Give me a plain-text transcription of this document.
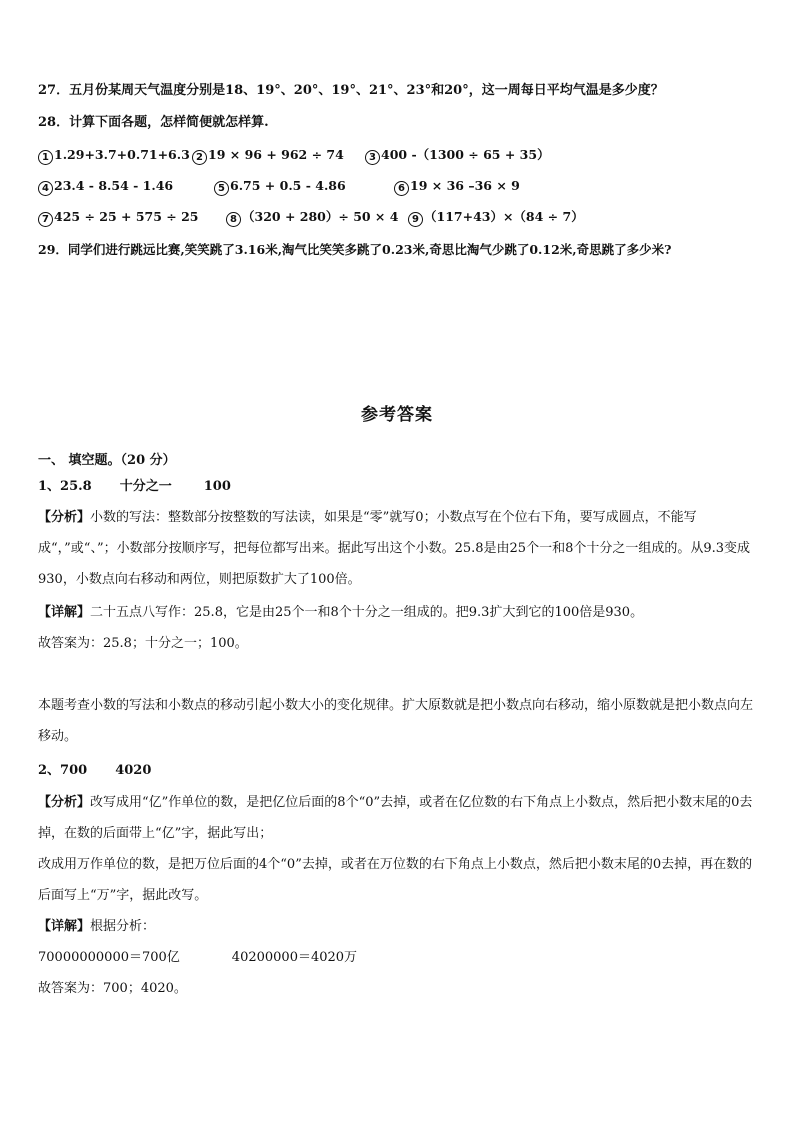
27．五月份某周天气温度分别是18、19°、20°、19°、21°、23°和20°，这一周每日平均气温是多少度？
28．计算下面各题，怎样简便就怎样算.
1 1.29+3.7+0.71+6.3 2 19 × 96 + 962 ÷ 74	3 400 -（1300 ÷ 65 + 35）
4 23.4 - 8.54 - 1.46	5 6.75 + 0.5 - 4.86	6 19 × 36 –36 × 9
7 425 ÷ 25 + 575 ÷ 25	8 （320 + 280）÷ 50 × 4	9 （117+43）×（84 ÷ 7）
29．同学们进行跳远比赛,笑笑跳了3.16米,淘气比笑笑多跳了0.23米,奇思比淘气少跳了0.12米,奇思跳了多少米?
参考答案
一、 填空题。（20 分）
1、25.8 十分之一 100
【分析】小数的写法：整数部分按整数的写法读，如果是“零”就写0；小数点写在个位右下角，要写成圆点，不能写成“，”或“、”；小数部分按顺序写，把每位都写出来。据此写出这个小数。25.8是由25个一和8个十分之一组成的。从9.3变成930，小数点向右移动和两位，则把原数扩大了100倍。
【详解】二十五点八写作：25.8，它是由25个一和8个十分之一组成的。把9.3扩大到它的100倍是930。
故答案为：25.8；十分之一；100。
本题考查小数的写法和小数点的移动引起小数大小的变化规律。扩大原数就是把小数点向右移动，缩小原数就是把小数点向左移动。
2、700 4020
【分析】改写成用“亿”作单位的数，是把亿位后面的8个“0”去掉，或者在亿位数的右下角点上小数点，然后把小数末尾的0去掉，在数的后面带上“亿”字，据此写出；
改成用万作单位的数，是把万位后面的4个“0”去掉，或者在万位数的右下角点上小数点，然后把小数末尾的0去掉，再在数的后面写上“万”字，据此改写。
【详解】根据分析：
70000000000＝700亿	40200000＝4020万
故答案为：700；4020。
